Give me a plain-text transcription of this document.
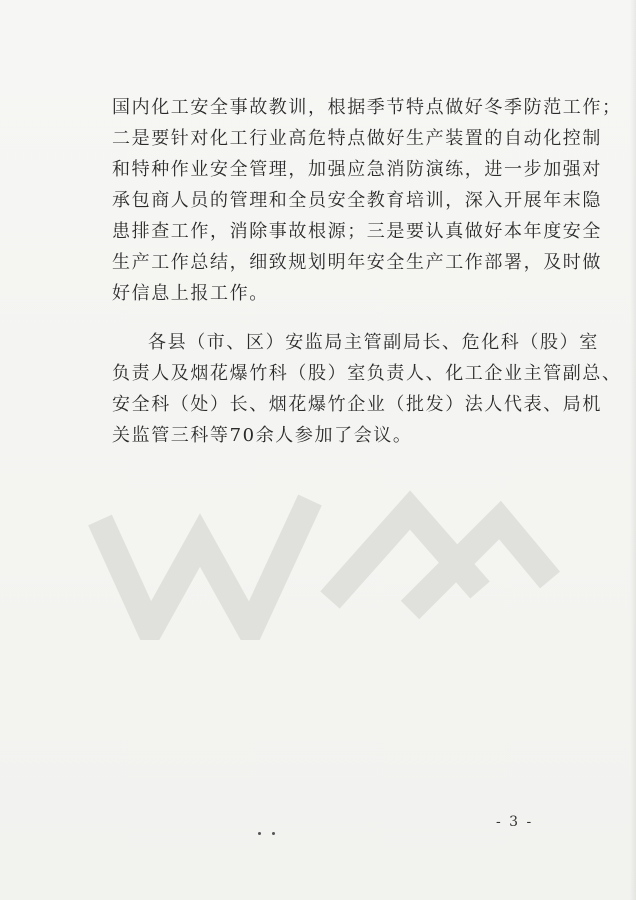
国内化工安全事故教训，根据季节特点做好冬季防范工作；
二是要针对化工行业高危特点做好生产装置的自动化控制
和特种作业安全管理，加强应急消防演练，进一步加强对
承包商人员的管理和全员安全教育培训，深入开展年末隐
患排查工作，消除事故根源；三是要认真做好本年度安全
生产工作总结，细致规划明年安全生产工作部署，及时做
好信息上报工作。
各县（市、区）安监局主管副局长、危化科（股）室
负责人及烟花爆竹科（股）室负责人、化工企业主管副总、
安全科（处）长、烟花爆竹企业（批发）法人代表、局机
关监管三科等70余人参加了会议。
- 3 -
